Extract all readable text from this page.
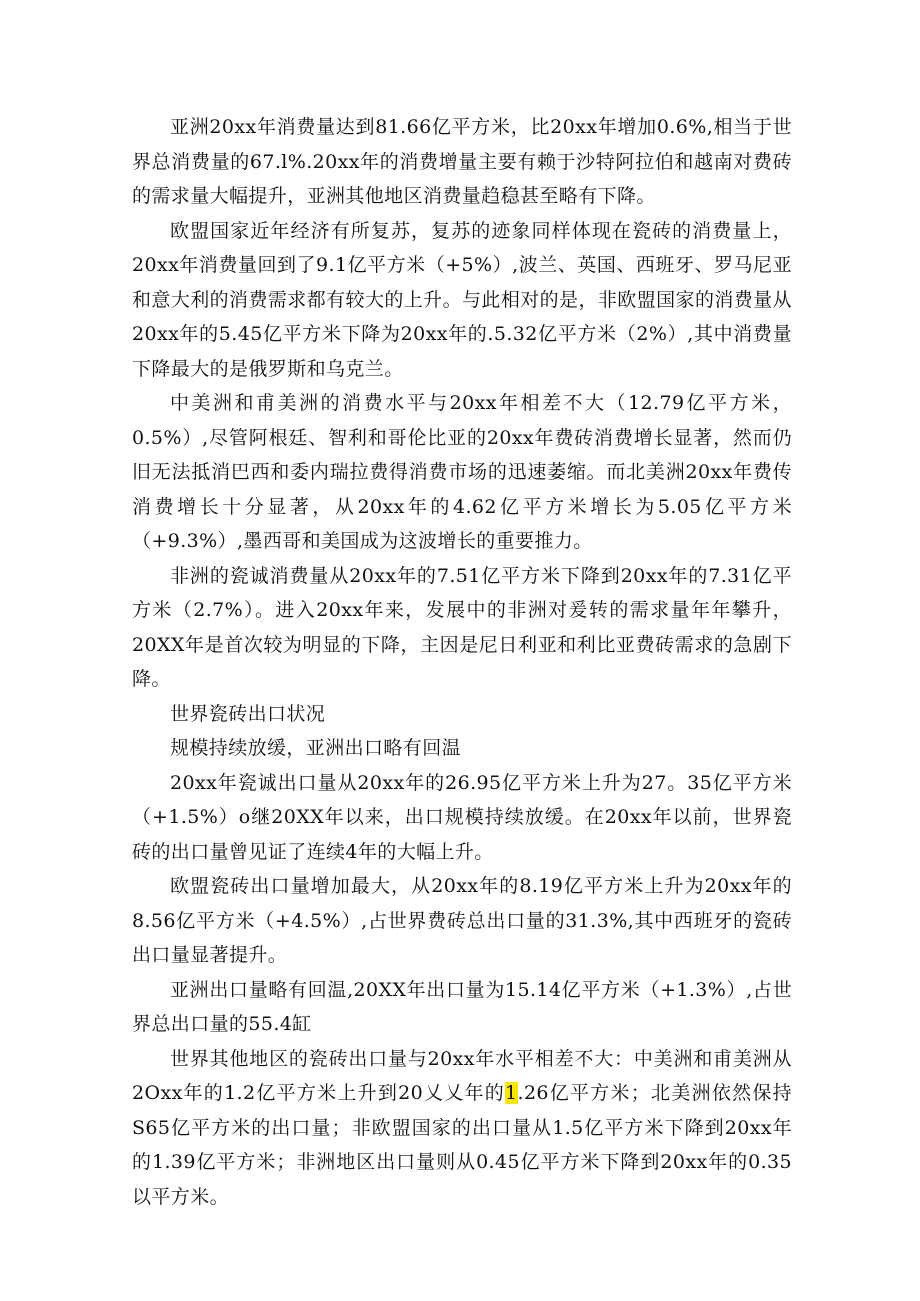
亚洲20xx年消费量达到81.66亿平方米，比20xx年增加0.6%,相当于世界总消费量的67.l%.20xx年的消费增量主要有赖于沙特阿拉伯和越南对费砖的需求量大幅提升，亚洲其他地区消费量趋稳甚至略有下降。

欧盟国家近年经济有所复苏，复苏的迹象同样体现在瓷砖的消费量上，20xx年消费量回到了9.1亿平方米（+5%）,波兰、英国、西班牙、罗马尼亚和意大利的消费需求都有较大的上升。与此相对的是，非欧盟国家的消费量从20xx年的5.45亿平方米下降为20xx年的.5.32亿平方米（2%）,其中消费量下降最大的是俄罗斯和乌克兰。

中美洲和甫美洲的消费水平与20xx年相差不大（12.79亿平方米，0.5%）,尽管阿根廷、智利和哥伦比亚的20xx年费砖消费增长显著，然而仍旧无法抵消巴西和委内瑞拉费得消费市场的迅速萎缩。而北美洲20xx年费传消费增长十分显著，从20xx年的4.62亿平方米增长为5.05亿平方米（+9.3%）,墨西哥和美国成为这波增长的重要推力。

非洲的瓷诚消费量从20xx年的7.51亿平方米下降到20xx年的7.31亿平方米（2.7%）。进入20xx年来，发展中的非洲对爰转的需求量年年攀升，20XX年是首次较为明显的下降，主因是尼日利亚和利比亚费砖需求的急剧下降。

世界瓷砖出口状况

规模持续放缓，亚洲出口略有回温

20xx年瓷诚出口量从20xx年的26.95亿平方米上升为27。35亿平方米（+1.5%）o继20XX年以来，出口规模持续放缓。在20xx年以前，世界瓷砖的出口量曾见证了连续4年的大幅上升。

欧盟瓷砖出口量增加最大，从20xx年的8.19亿平方米上升为20xx年的8.56亿平方米（+4.5%）,占世界费砖总出口量的31.3%,其中西班牙的瓷砖出口量显著提升。

亚洲出口量略有回温,20XX年出口量为15.14亿平方米（+1.3%）,占世界总出口量的55.4缸

世界其他地区的瓷砖出口量与20xx年水平相差不大：中美洲和甫美洲从2Oxx年的1.2亿平方米上升到20乂乂年的1.26亿平方米；北美洲依然保持S65亿平方米的出口量；非欧盟国家的出口量从1.5亿平方米下降到20xx年的1.39亿平方米；非洲地区出口量则从0.45亿平方米下降到20xx年的0.35以平方米。
